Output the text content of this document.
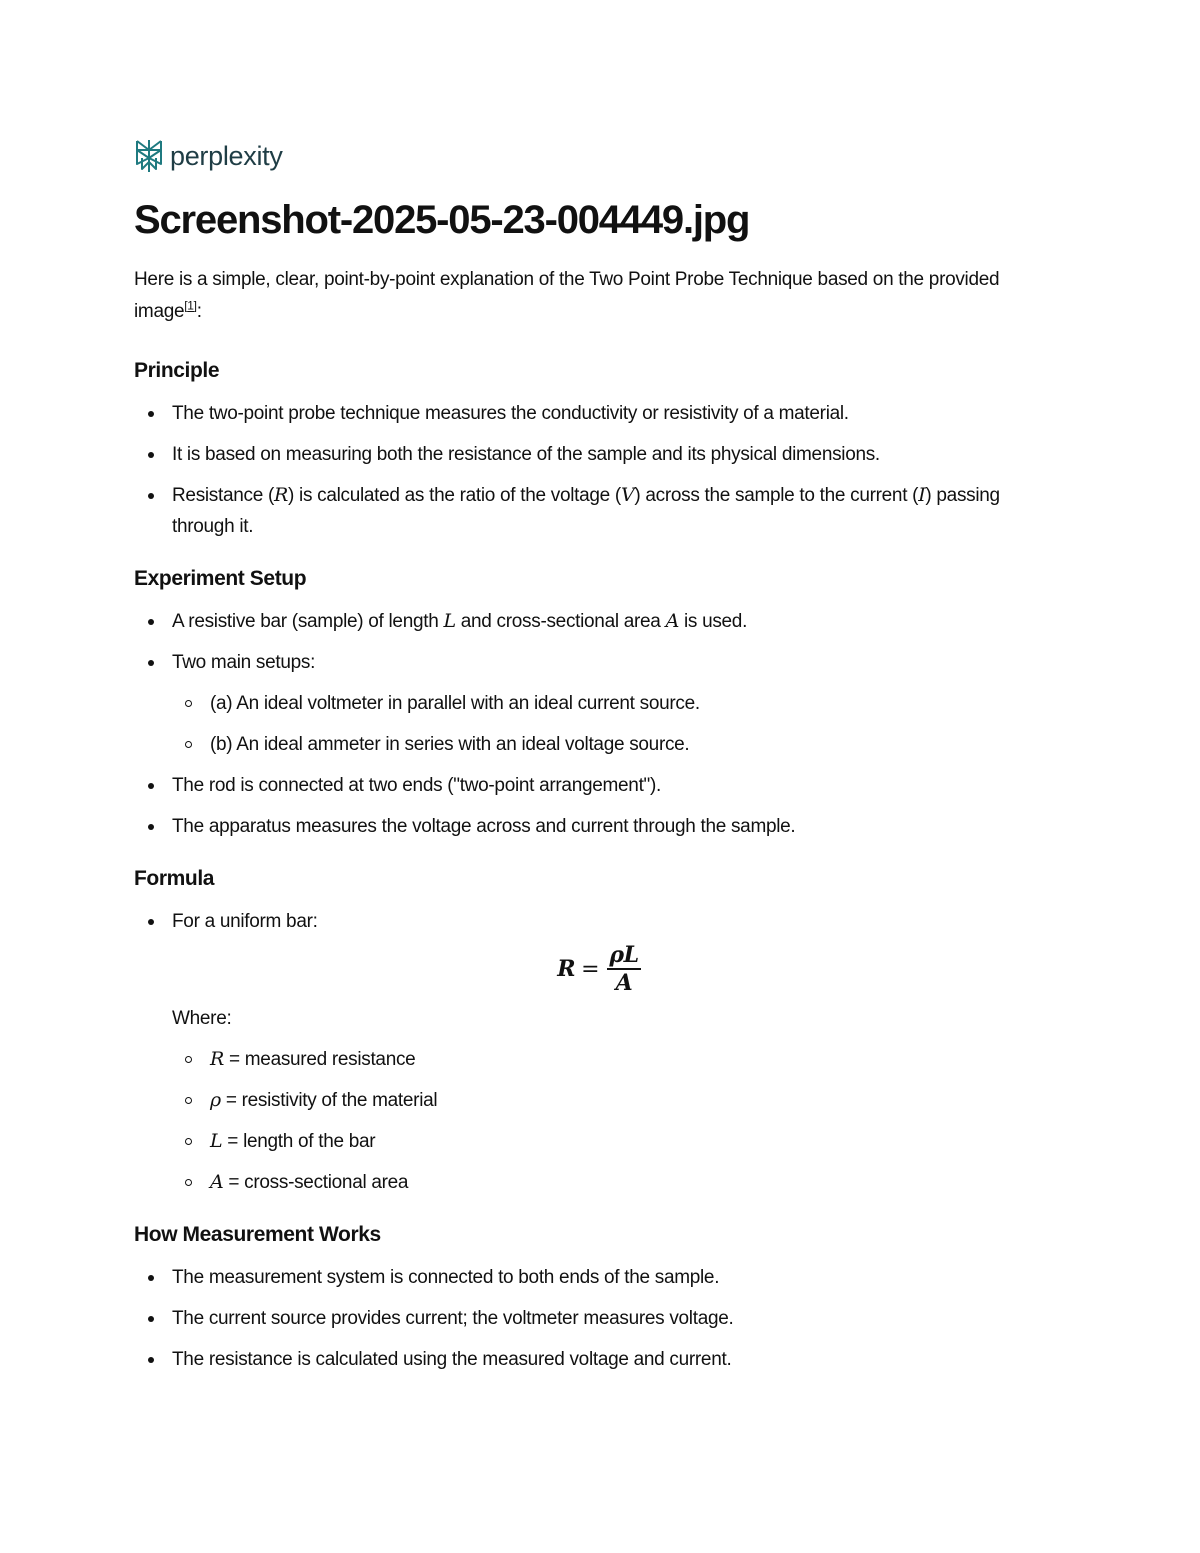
perplexity
Screenshot-2025-05-23-004449.jpg

Here is a simple, clear, point-by-point explanation of the Two Point Probe Technique based on the provided image[1]:

Principle
The two-point probe technique measures the conductivity or resistivity of a material.
It is based on measuring both the resistance of the sample and its physical dimensions.
Resistance (R) is calculated as the ratio of the voltage (V) across the sample to the current (I) passing through it.
Experiment Setup
A resistive bar (sample) of length L and cross-sectional area A is used.
Two main setups:
(a) An ideal voltmeter in parallel with an ideal current source.
(b) An ideal ammeter in series with an ideal voltage source.
The rod is connected at two ends ("two-point arrangement").
The apparatus measures the voltage across and current through the sample.
Formula
For a uniform bar:
$R = \frac{\rho L}{A}$
Where:
R = measured resistance
ρ = resistivity of the material
L = length of the bar
A = cross-sectional area
How Measurement Works
The measurement system is connected to both ends of the sample.
The current source provides current; the voltmeter measures voltage.
The resistance is calculated using the measured voltage and current.
